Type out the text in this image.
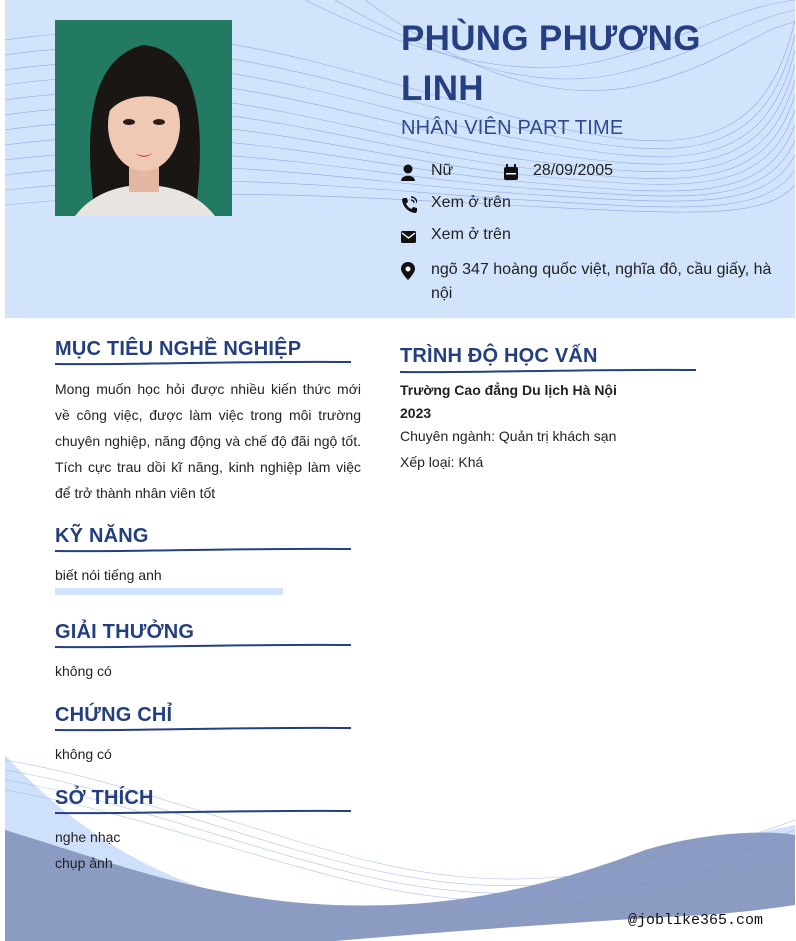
PHÙNG PHƯƠNG LINH
NHÂN VIÊN PART TIME
Nữ	28/09/2005
Xem ở trên
Xem ở trên
ngõ 347 hoàng quốc việt, nghĩa đô, cầu giấy, hà nội
MỤC TIÊU NGHỀ NGHIỆP
Mong muốn học hỏi được nhiều kiến thức mới về công việc, được làm việc trong môi trường chuyên nghiệp, năng động và chế độ đãi ngộ tốt. Tích cực trau dồi kĩ năng, kinh nghiệp làm việc để trở thành nhân viên tốt
KỸ NĂNG
biết nói tiếng anh
GIẢI THƯỞNG
không có
CHỨNG CHỈ
không có
SỞ THÍCH
nghe nhạc
chụp ảnh
TRÌNH ĐỘ HỌC VẤN
Trường Cao đẳng Du lịch Hà Nội
2023
Chuyên ngành: Quản trị khách sạn
Xếp loại: Khá
@joblike365.com
